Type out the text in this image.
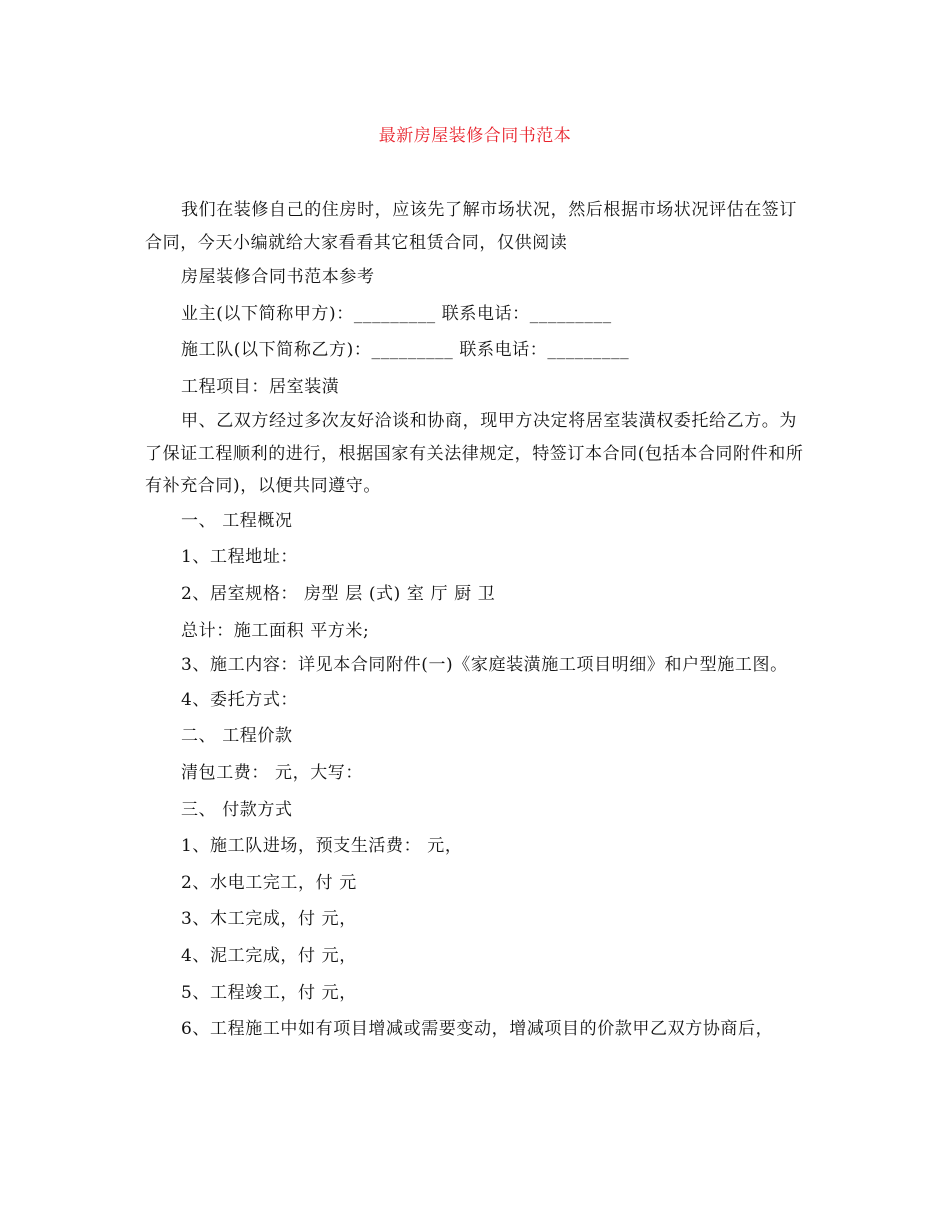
最新房屋装修合同书范本

我们在装修自己的住房时，应该先了解市场状况，然后根据市场状况评估在签订合同，今天小编就给大家看看其它租赁合同，仅供阅读

房屋装修合同书范本参考

业主(以下简称甲方)：_________ 联系电话：_________

施工队(以下简称乙方)：_________ 联系电话：_________

工程项目：居室装潢

甲、乙双方经过多次友好洽谈和协商，现甲方决定将居室装潢权委托给乙方。为了保证工程顺利的进行，根据国家有关法律规定，特签订本合同(包括本合同附件和所有补充合同)，以便共同遵守。

一、 工程概况

1、工程地址：

2、居室规格： 房型 层 (式) 室 厅 厨 卫

总计：施工面积 平方米;

3、施工内容：详见本合同附件(一)《家庭装潢施工项目明细》和户型施工图。

4、委托方式：

二、 工程价款

清包工费： 元，大写：

三、 付款方式

1、施工队进场，预支生活费： 元，

2、水电工完工，付 元

3、木工完成，付 元，

4、泥工完成，付 元，

5、工程竣工，付 元，

6、工程施工中如有项目增减或需要变动，增减项目的价款甲乙双方协商后，
